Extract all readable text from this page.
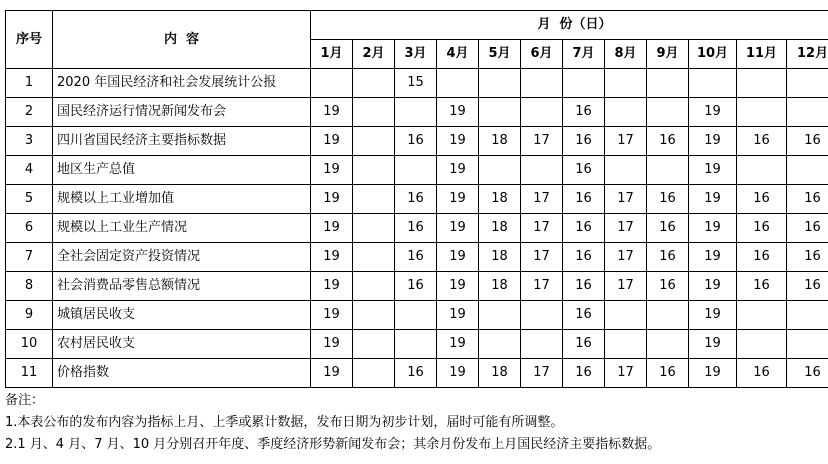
序号	内  容	月  份（日）											
		1月	2月	3月	4月	5月	6月	7月	8月	9月	10月	11月	12月
1	2020 年国民经济和社会发展统计公报			15									
2	国民经济运行情况新闻发布会	19			19			16			19		
3	四川省国民经济主要指标数据	19		16	19	18	17	16	17	16	19	16	16
4	地区生产总值	19			19			16			19		
5	规模以上工业增加值	19		16	19	18	17	16	17	16	19	16	16
6	规模以上工业生产情况	19		16	19	18	17	16	17	16	19	16	16
7	全社会固定资产投资情况	19		16	19	18	17	16	17	16	19	16	16
8	社会消费品零售总额情况	19		16	19	18	17	16	17	16	19	16	16
9	城镇居民收支	19			19			16			19		
10	农村居民收支	19			19			16			19		
11	价格指数	19		16	19	18	17	16	17	16	19	16	16
备注：
1.本表公布的发布内容为指标上月、上季或累计数据，发布日期为初步计划，届时可能有所调整。
2.1 月、4 月、7 月、10 月分别召开年度、季度经济形势新闻发布会；其余月份发布上月国民经济主要指标数据。
